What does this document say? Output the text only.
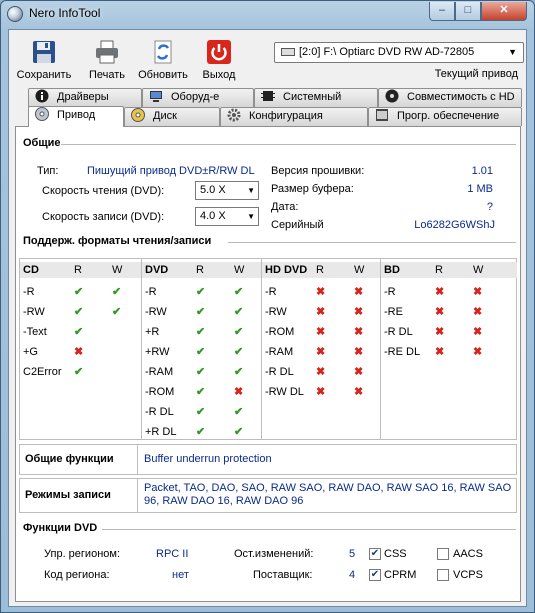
Nero InfoTool	–	□	✕
Сохранить	Печать	Обновить	Выход
[2:0] F:\ Optiarc DVD RW AD-72805	▼
Текущий привод
Драйверы	Оборуд-е	Системный	Совместимость с HD
Привод	Диск	Конфигурация	Прогр. обеспечение
Общие
Тип:	Пишущий привод DVD±R/RW DL
Скорость чтения (DVD):	5.0 X	▼
Скорость записи (DVD):	4.0 X	▼
Версия прошивки:	1.01
Размер буфера:	1 MB
Дата:	?
Серийный	Lo6282G6WShJ
Поддерж. форматы чтения/записи
CD	R	W
-R	✔	✔
-RW	✔	✔
-Text ✔
+G	✖
C2Error ✔
DVD	R	W
-R	✔	✔
-RW	✔	✔
+R	✔	✔
+RW ✔	✔
-RAM ✔	✔
-ROM ✔	✖
-R DL ✔	✔
+R DL ✔	✔
HD DVD R	W
-R	✖	✖
-RW	✖	✖
-ROM ✖	✖
-RAM ✖	✖
-R DL ✖	✖
-RW DL ✖	✖
BD	R	W
-R	✖	✖
-RE	✖	✖
-R DL ✖	✖
-RE DL ✖	✖
Общие функции	Buffer underrun protection
Режимы записи
Packet, TAO, DAO, SAO, RAW SAO, RAW DAO, RAW SAO 16, RAW SAO 96, RAW DAO 16, RAW DAO 96
Функции DVD
Упр. регионом:	RPC II
Код региона:	нет
Ост.изменений:	5
Поставщик:	4
✔ CSS	AACS
✔ CPRM	VCPS
